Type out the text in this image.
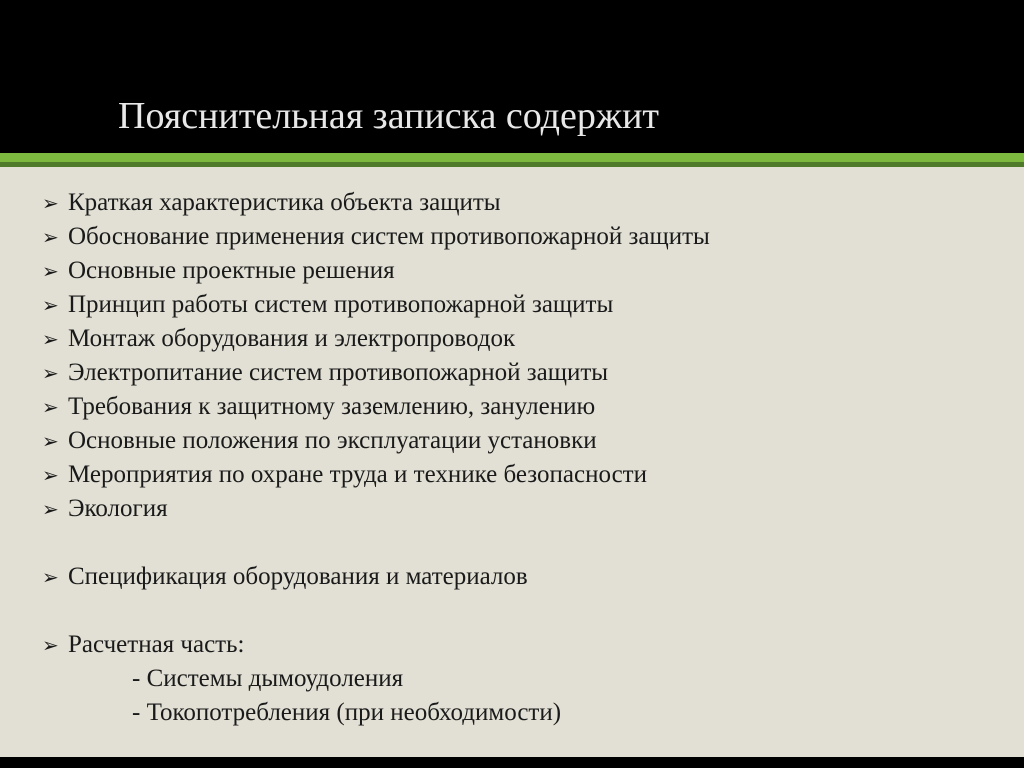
Пояснительная записка содержит
➢ Краткая характеристика объекта защиты
➢ Обоснование применения систем противопожарной защиты
➢ Основные проектные решения
➢ Принцип работы систем противопожарной защиты
➢ Монтаж оборудования и электропроводок
➢ Электропитание систем противопожарной защиты
➢ Требования к защитному заземлению, занулению
➢ Основные положения по эксплуатации установки
➢ Мероприятия по охране труда и технике безопасности
➢ Экология
➢ Спецификация оборудования и материалов
➢ Расчетная часть:
- Системы дымоудоления
- Токопотребления (при необходимости)
